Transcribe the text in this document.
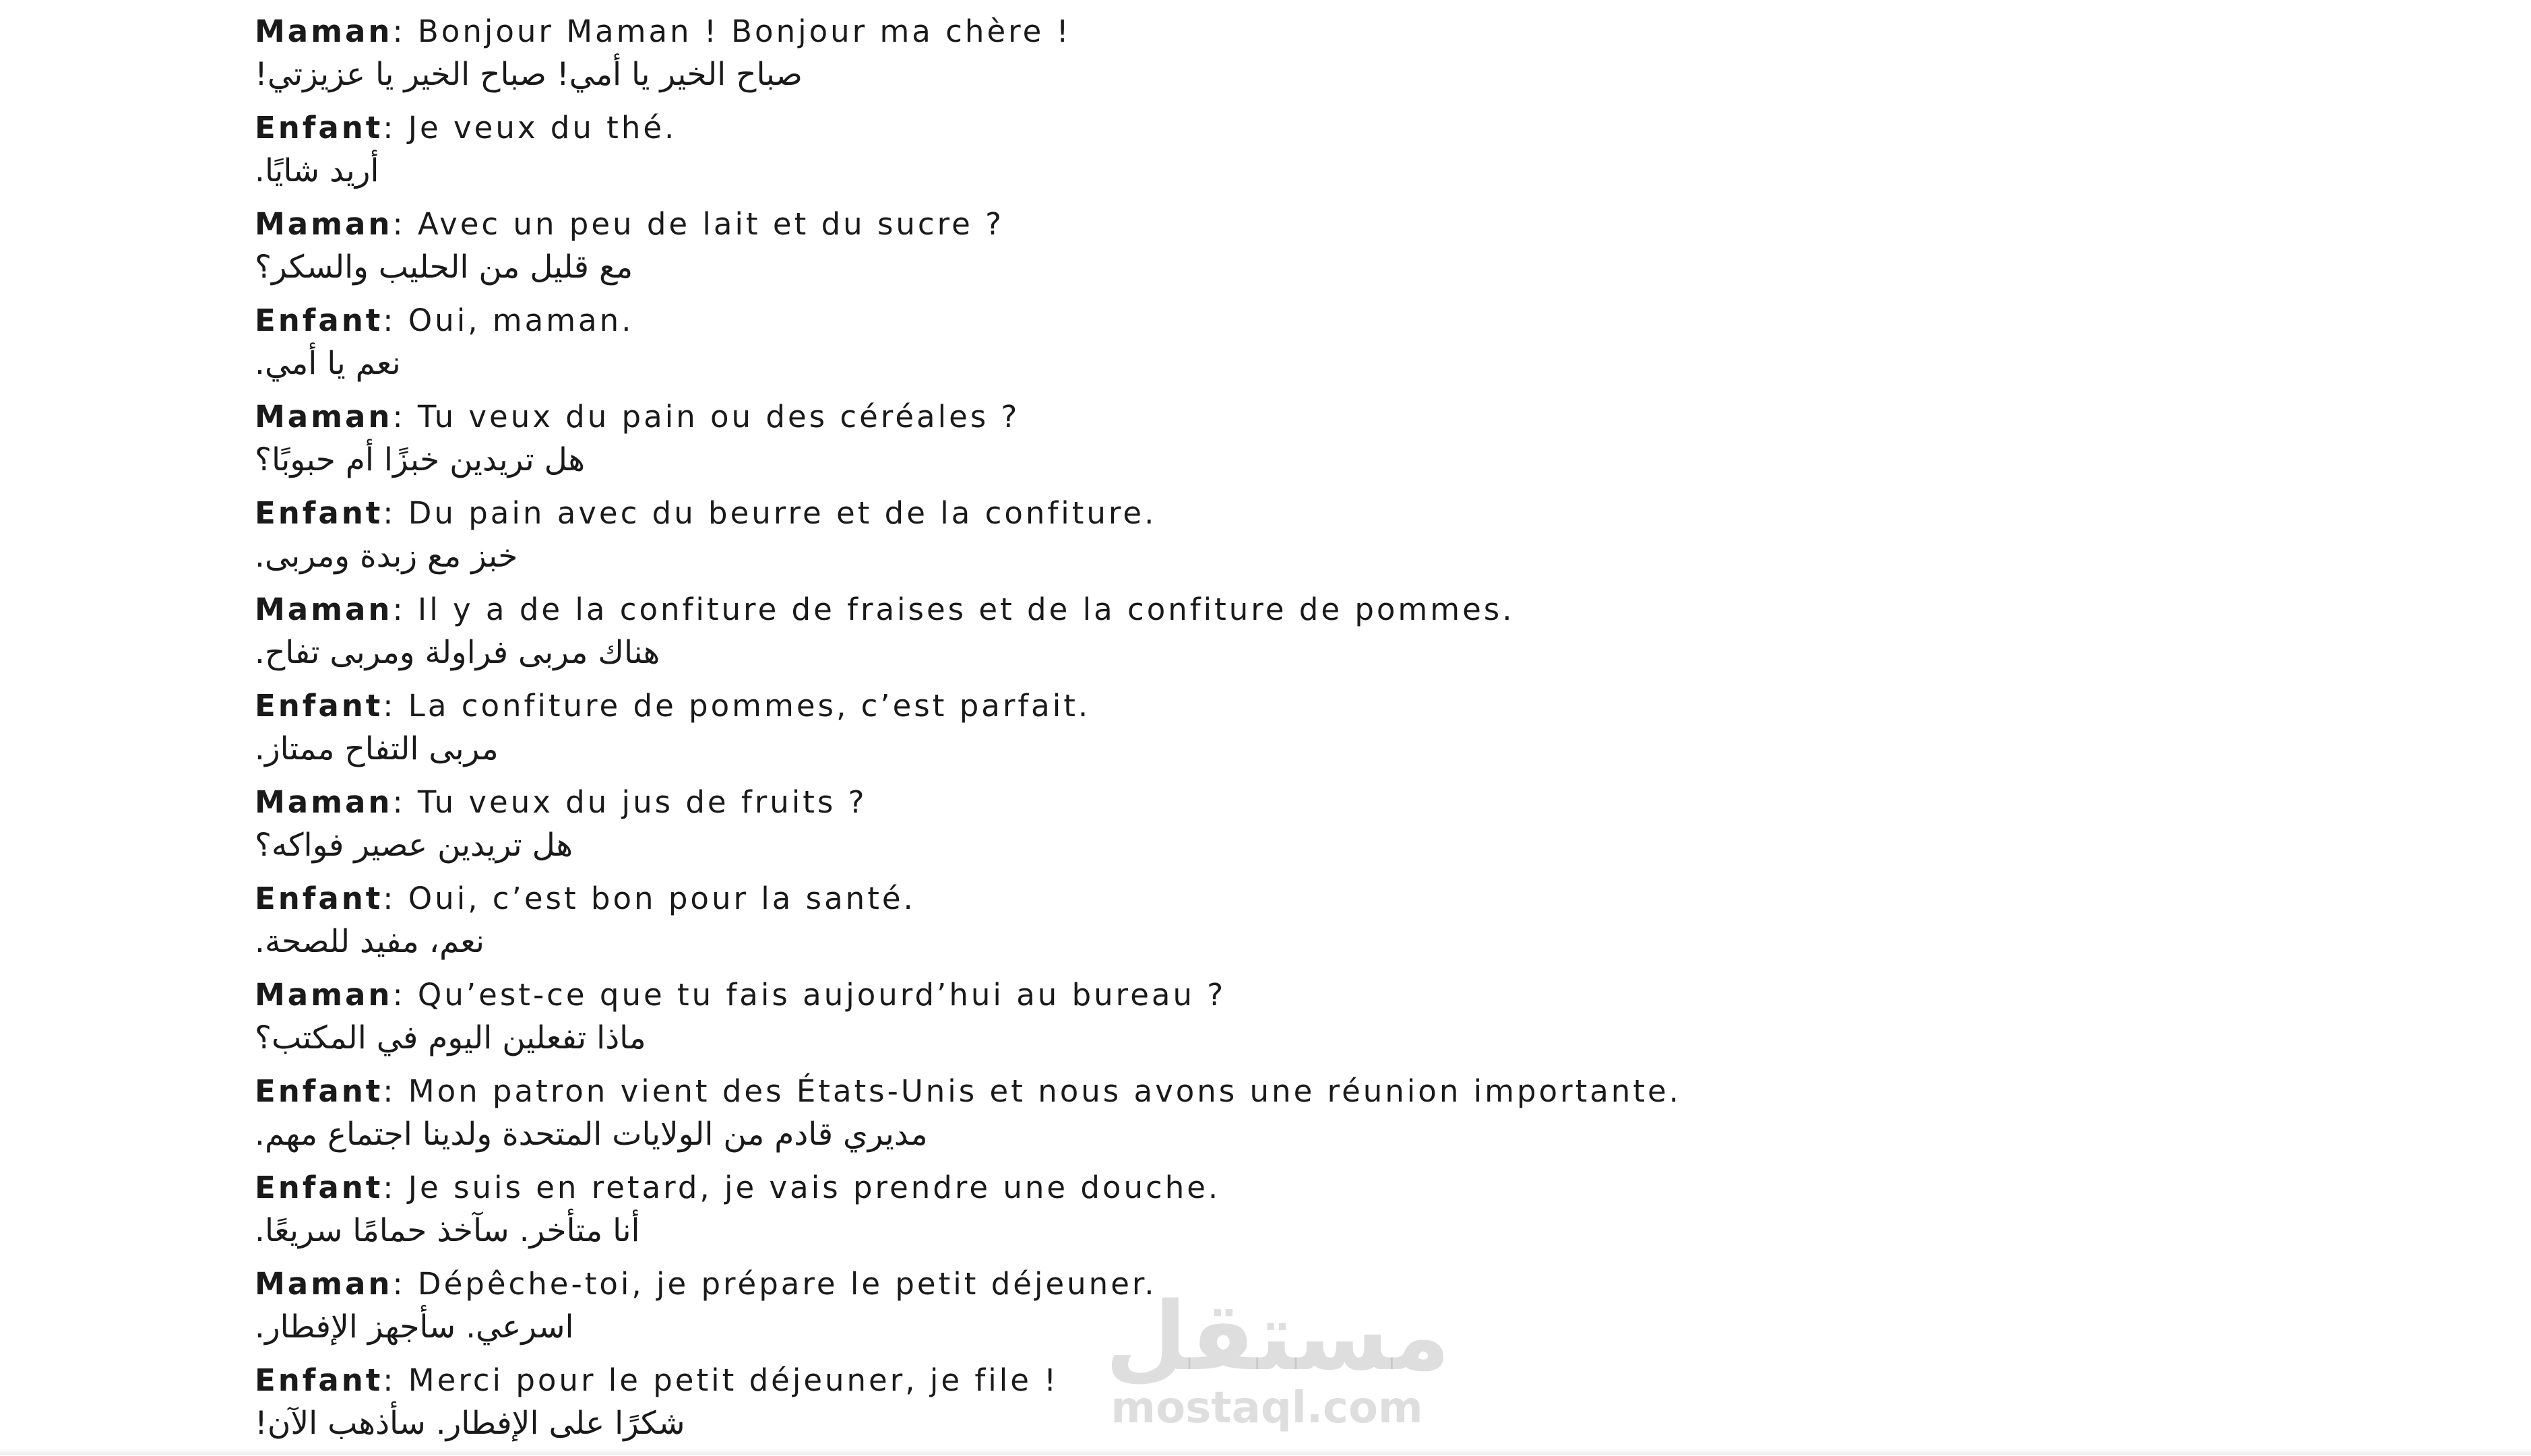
Maman: Bonjour Maman ! Bonjour ma chère !
صباح الخير يا أمي! صباح الخير يا عزيزتي!
Enfant: Je veux du thé.
أريد شايًا.
Maman: Avec un peu de lait et du sucre ?
مع قليل من الحليب والسكر؟
Enfant: Oui, maman.
نعم يا أمي.
Maman: Tu veux du pain ou des céréales ?
هل تريدين خبزًا أم حبوبًا؟
Enfant: Du pain avec du beurre et de la confiture.
خبز مع زبدة ومربى.
Maman: Il y a de la confiture de fraises et de la confiture de pommes.
هناك مربى فراولة ومربى تفاح.
Enfant: La confiture de pommes, c’est parfait.
مربى التفاح ممتاز.
Maman: Tu veux du jus de fruits ?
هل تريدين عصير فواكه؟
Enfant: Oui, c’est bon pour la santé.
نعم، مفيد للصحة.
Maman: Qu’est-ce que tu fais aujourd’hui au bureau ?
ماذا تفعلين اليوم في المكتب؟
Enfant: Mon patron vient des États-Unis et nous avons une réunion importante.
مديري قادم من الولايات المتحدة ولدينا اجتماع مهم.
Enfant: Je suis en retard, je vais prendre une douche.
أنا متأخر. سآخذ حمامًا سريعًا.
Maman: Dépêche-toi, je prépare le petit déjeuner.
اسرعي. سأجهز الإفطار.
Enfant: Merci pour le petit déjeuner, je file !
شكرًا على الإفطار. سأذهب الآن!
مستقل
mostaql.com
